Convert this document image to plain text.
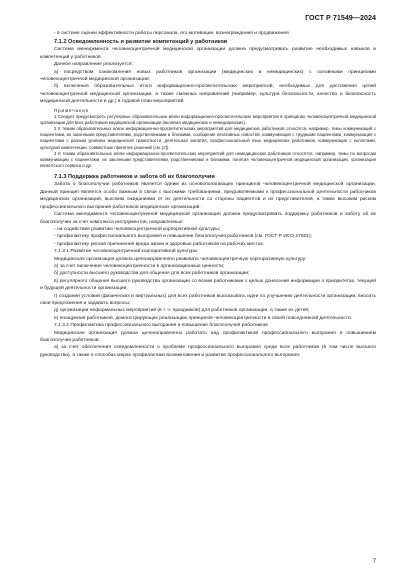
ГОСТ Р 71549—2024

- в системе оценки эффективности работы персонала, его мотивации, вознаграждения и продвижения.

7.1.2 Осведомленность и развитие компетенций у работников

Система менеджмента человекоцентричной медицинской организации должна предусматривать развитие необходимых навыков и компетенций у работников.

Данное направление реализуется:

а) посредством ознакомления новых работников организации (медицинских и немедицинских) с основными принципами человекоцентричной медицинской организации;

б) включения образовательных итоги информационно-просветительских мероприятий, необходимых для достижения целей человекоцентричной медицинской организации, а также смежных направлений (например, культура безопасности, качество и безопасность медицинской деятельности и др.) в годовой план мероприятий.

Примечания

1 Следует предусмотреть регулярные образовательные и/или информационно-просветительские мероприятия в принципах человекоцентричной медицинской организации для всех работников медицинской организации (включая медицинских и немедицинских).

2 К темам образовательных и/или информационно-просветительских мероприятий для медицинских работников относятся, например, темы коммуникаций с пациентами, их законными представителями, родственниками и близкими, сообщение негативных новостей, коммуникация с трудными пациентами, коммуникация с пациентами с разным уровнем медицинской грамотности, деятельная эмпатия, профессиональный язык медицинских работников, коммуникация с коллегами, культурой компетенции, совместные принятие решений (см. [2]).

3 К темам образовательных и/или информационно-просветительских мероприятий для немедицинских работников относятся, например, темы по вопросам коммуникации с пациентами, их законными представителями, родственниками и близкими, понятия человекоцентричной медицинской организации, организация клиентского сервиса и др.

7.1.3 Поддержка работников и забота об их благополучии

Забота о благополучии работников является одним из основополагающих принципов человекоцентричной медицинской организации. Данный принцип является особо важным в связи с высокими требованиями, предъявляемыми к профессиональной деятельности работников медицинских организаций, высоким ожиданиями от их деятельности со стороны пациентов и их представителей, а также высоким риском профессионального выгорания работников медицинских организаций.

Система менеджмента человекоцентричной медицинской организации должна предусматривать поддержку работников и заботу об их благополучии за счет комплекса инструментов, направленных:

- на содействие развитию человекоцентричной корпоративной культуры;

- профилактику профессионального выгорания и повышение благополучия работников (см. ГОСТ Р ИСО 27501);

- профилактику рисков причинения вреда жизни и здоровью работников на рабочих местах.

7.1.3.1 Развитие человекоцентричной корпоративной культуры

Медицинская организация должна целенаправленно развивать человекоцентричную корпоративную культуру:

а) за счет включения человекоцентричности в организационные ценности;

б) доступности высшего руководства для общения для всех работников организации;

в) регулярного общения высшего руководства организации со всеми работниками с целью донесения информации о приоритетах, текущей и будущей деятельности организации;

г) создания условий (физических и виртуальных) для всех работников высказывать идеи по улучшению деятельности организации, вносить свои предложения и задавать вопросы;

д) организации неформальных мероприятий (в т. ч. праздников) для работников организации, а также их детей;

е) поощрения работников, демонстрирующих реализацию принципов человекоцентричности в своей повседневной деятельности.

7.1.3.2 Профилактика профессионального выгорания и повышение благополучия работников

Медицинская организация должна целенаправленно работать над профилактикой профессионального выгорания и повышением благополучия работников:

а) за счет обеспечения осведомленности о проблеме профессионального выгорания среди всех работников (в том числе высшего руководства), а также о способах мерах профилактики возникновения и развитие профессионального выгорания;

7
